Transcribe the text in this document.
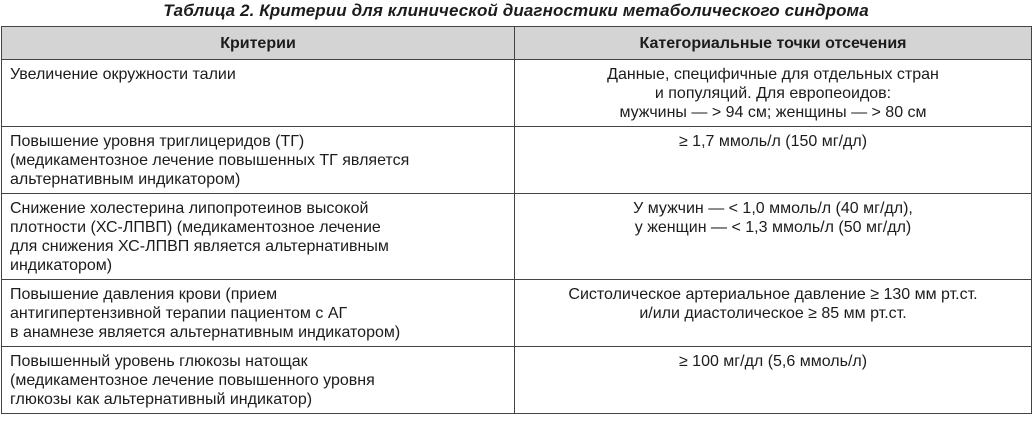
Таблица 2. Критерии для клинической диагностики метаболического синдрома
Критерии	Категориальные точки отсечения

Увеличение окружности талии	Данные, специфичные для отдельных стран
и популяций. Для европеоидов:
мужчины — > 94 см; женщины — > 80 см

Повышение уровня триглицеридов (ТГ)
(медикаментозное лечение повышенных ТГ является
альтернативным индикатором)	≥ 1,7 ммоль/л (150 мг/дл)

Снижение холестерина липопротеинов высокой
плотности (ХС-ЛПВП) (медикаментозное лечение
для снижения ХС-ЛПВП является альтернативным
индикатором)	У мужчин — < 1,0 ммоль/л (40 мг/дл),
у женщин — < 1,3 ммоль/л (50 мг/дл)

Повышение давления крови (прием
антигипертензивной терапии пациентом с АГ
в анамнезе является альтернативным индикатором)	Систолическое артериальное давление ≥ 130 мм рт.ст.
и/или диастолическое ≥ 85 мм рт.ст.

Повышенный уровень глюкозы натощак
(медикаментозное лечение повышенного уровня
глюкозы как альтернативный индикатор)	≥ 100 мг/дл (5,6 ммоль/л)
